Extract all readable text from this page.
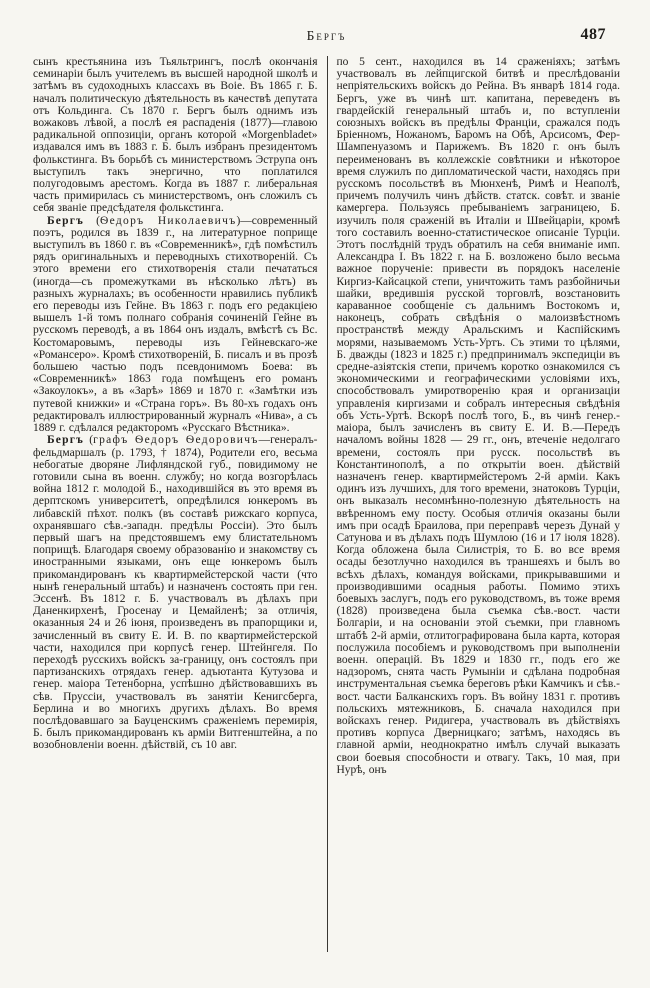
Бергъ	487

сынъ крестьянина изъ Тьяльтрингъ, послѣ окончанія семинаріи былъ учителемъ въ высшей народной школѣ и затѣмъ въ судоходныхъ классахъ въ Boie. Въ 1865 г. Б. началъ политическую дѣятельность въ качествѣ депутата отъ Кольдинга. Съ 1870 г. Бергъ былъ однимъ изъ вожаковъ лѣвой, а послѣ ея распаденія (1877)—главою радикальной оппозиціи, органъ которой «Morgenbladet» издавался имъ въ 1883 г. Б. былъ избранъ президентомъ фолькстинга. Въ борьбѣ съ министерствомъ Эструпа онъ выступилъ такъ энергично, что поплатился полугодовымъ арестомъ. Когда въ 1887 г. либеральная часть примирилась съ министерствомъ, онъ сложилъ съ себя званіе предсѣдателя фолькстинга.

Бергъ (Ѳедоръ Николаевичъ)—современный поэтъ, родился въ 1839 г., на литературное поприще выступилъ въ 1860 г. въ «Современникѣ», гдѣ помѣстилъ рядъ оригинальныхъ и переводныхъ стихотвореній. Съ этого времени его стихотворенія стали печататься (иногда—съ промежутками въ нѣсколько лѣтъ) въ разныхъ журналахъ; въ особенности нравились публикѣ его переводы изъ Гейне. Въ 1863 г. подъ его редакціею вышелъ 1-й томъ полнаго собранія сочиненій Гейне въ русскомъ переводѣ, а въ 1864 онъ издалъ, вмѣстѣ съ Вс. Костомаровымъ, переводы изъ Гейневскаго-же «Романсеро». Кромѣ стихотвореній, Б. писалъ и въ прозѣ большею частью подъ псевдонимомъ Боева: въ «Современникѣ» 1863 года помѣщенъ его романъ «Закоулокъ», а въ «Зарѣ» 1869 и 1870 г. «Замѣтки изъ путевой книжки» и «Страна горъ». Въ 80-хъ годахъ онъ редактировалъ иллюстрированный журналъ «Нива», а съ 1889 г. сдѣлался редакторомъ «Русскаго Вѣстника».

Бергъ (графъ Ѳедоръ Ѳедоровичъ—генералъ-фельдмаршалъ (р. 1793, † 1874), Родители его, весьма небогатые дворяне Лифляндской губ., повидимому не готовили сына въ военн. службу; но когда возгорѣлась война 1812 г. молодой Б., находившійся въ это время въ дерптскомъ университетѣ, опредѣлился юнкеромъ въ либавскій пѣхот. полкъ (въ составѣ рижскаго корпуса, охранявшаго сѣв.-западн. предѣлы Россіи). Это былъ первый шагъ на предстоявшемъ ему блистательномъ поприщѣ. Благодаря своему образованію и знакомству съ иностранными языками, онъ еще юнкеромъ былъ прикомандированъ къ квартирмейстерской части (что нынѣ генеральный штабъ) и назначенъ состоять при ген. Эссенѣ. Въ 1812 г. Б. участвовалъ въ дѣлахъ при Даненкирхенѣ, Гросенау и Цемайленѣ; за отличія, оказанныя 24 и 26 іюня, произведенъ въ прапорщики и, зачисленный въ свиту Е. И. В. по квартирмейстерской части, находился при корпусѣ генер. Штейнгеля. По переходѣ русскихъ войскъ за-границу, онъ состоялъ при партизанскихъ отрядахъ генер. адъютанта Кутузова и генер. маіора Тетенборна, успѣшно дѣйствовавшихъ въ сѣв. Пруссіи, участвовалъ въ занятіи Кенигсберга, Берлина и во многихъ другихъ дѣлахъ. Во время послѣдовавшаго за Бауценскимъ сраженіемъ перемирія, Б. былъ прикомандированъ къ арміи Витгенштейна, а по возобновленіи военн. дѣйствій, съ 10 авг.

по 5 сент., находился въ 14 сраженіяхъ; затѣмъ участвовалъ въ лейпцигской битвѣ и преслѣдованіи непріятельскихъ войскъ до Рейна. Въ январѣ 1814 года. Бергъ, уже въ чинѣ шт. капитана, переведенъ въ гвардейскій генеральный штабъ и, по вступленіи союзныхъ войскъ въ предѣлы Франціи, сражался подъ Бріенномъ, Ножаномъ, Баромъ на Обѣ, Арсисомъ, Фер-Шампенуазомъ и Парижемъ. Въ 1820 г. онъ былъ переименованъ въ коллежскіе совѣтники и нѣкоторое время служилъ по дипломатической части, находясь при русскомъ посольствѣ въ Мюнхенѣ, Римѣ и Неаполѣ, причемъ получилъ чинъ дѣйств. статск. совѣт. и званіе камергера. Пользуясь пребываніемъ заграницею, Б. изучилъ поля сраженій въ Италіи и Швейцаріи, кромѣ того составилъ военно-статистическое описаніе Турціи. Этотъ послѣдній трудъ обратилъ на себя вниманіе имп. Александра I. Въ 1822 г. на Б. возложено было весьма важное порученіе: привести въ порядокъ населеніе Киргиз-Кайсацкой степи, уничтожить тамъ разбойничьи шайки, вредившія русской торговлѣ, возстановить караванное сообщеніе съ дальнимъ Востокомъ и, наконецъ, собрать свѣдѣнія о малоизвѣстномъ пространствѣ между Аральскимъ и Каспійскимъ морями, называемомъ Усть-Уртъ. Съ этими то цѣлями, Б. дважды (1823 и 1825 г.) предпринималъ экспедиціи въ средне-азіятскія степи, причемъ коротко ознакомился съ экономическими и географическими условіями ихъ, способствовалъ умиротворенію края и организаціи управленія киргизами и собралъ интересныя свѣдѣнія объ Усть-Уртѣ. Вскорѣ послѣ того, Б., въ чинѣ генер.-маіора, былъ зачисленъ въ свиту Е. И. В.—Передъ началомъ войны 1828 — 29 гг., онъ, втеченіе недолгаго времени, состоялъ при русск. посольствѣ въ Константинополѣ, а по открытіи воен. дѣйствій назначенъ генер. квартирмейстеромъ 2-й арміи. Какъ одинъ изъ лучшихъ, для того времени, знатоковъ Турціи, онъ выказалъ несомнѣнно-полезную дѣятельность на ввѣренномъ ему посту. Особыя отличія оказаны были имъ при осадѣ Браилова, при переправѣ черезъ Дунай у Сатунова и въ дѣлахъ подъ Шумлою (16 и 17 іюля 1828). Когда обложена была Силистрія, то Б. во все время осады безотлучно находился въ траншеяхъ и былъ во всѣхъ дѣлахъ, командуя войсками, прикрывавшими и производившими осадныя работы. Помимо этихъ боевыхъ заслугъ, подъ его руководствомъ, въ тоже время (1828) произведена была съемка сѣв.-вост. части Болгаріи, и на основаніи этой съемки, при главномъ штабѣ 2-й арміи, отлитографирована была карта, которая послужила пособіемъ и руководствомъ при выполненіи военн. операцій. Въ 1829 и 1830 гг., подъ его же надзоромъ, снята часть Румыніи и сдѣлана подробная инструментальная съемка береговъ рѣки Камчикъ и сѣв.-вост. части Балканскихъ горъ. Въ войну 1831 г. противъ польскихъ мятежниковъ, Б. сначала находился при войскахъ генер. Ридигера, участвовалъ въ дѣйствіяхъ противъ корпуса Дверницкаго; затѣмъ, находясь въ главной арміи, неоднократно имѣлъ случай выказать свои боевыя способности и отвагу. Такъ, 10 мая, при Нурѣ, онъ
